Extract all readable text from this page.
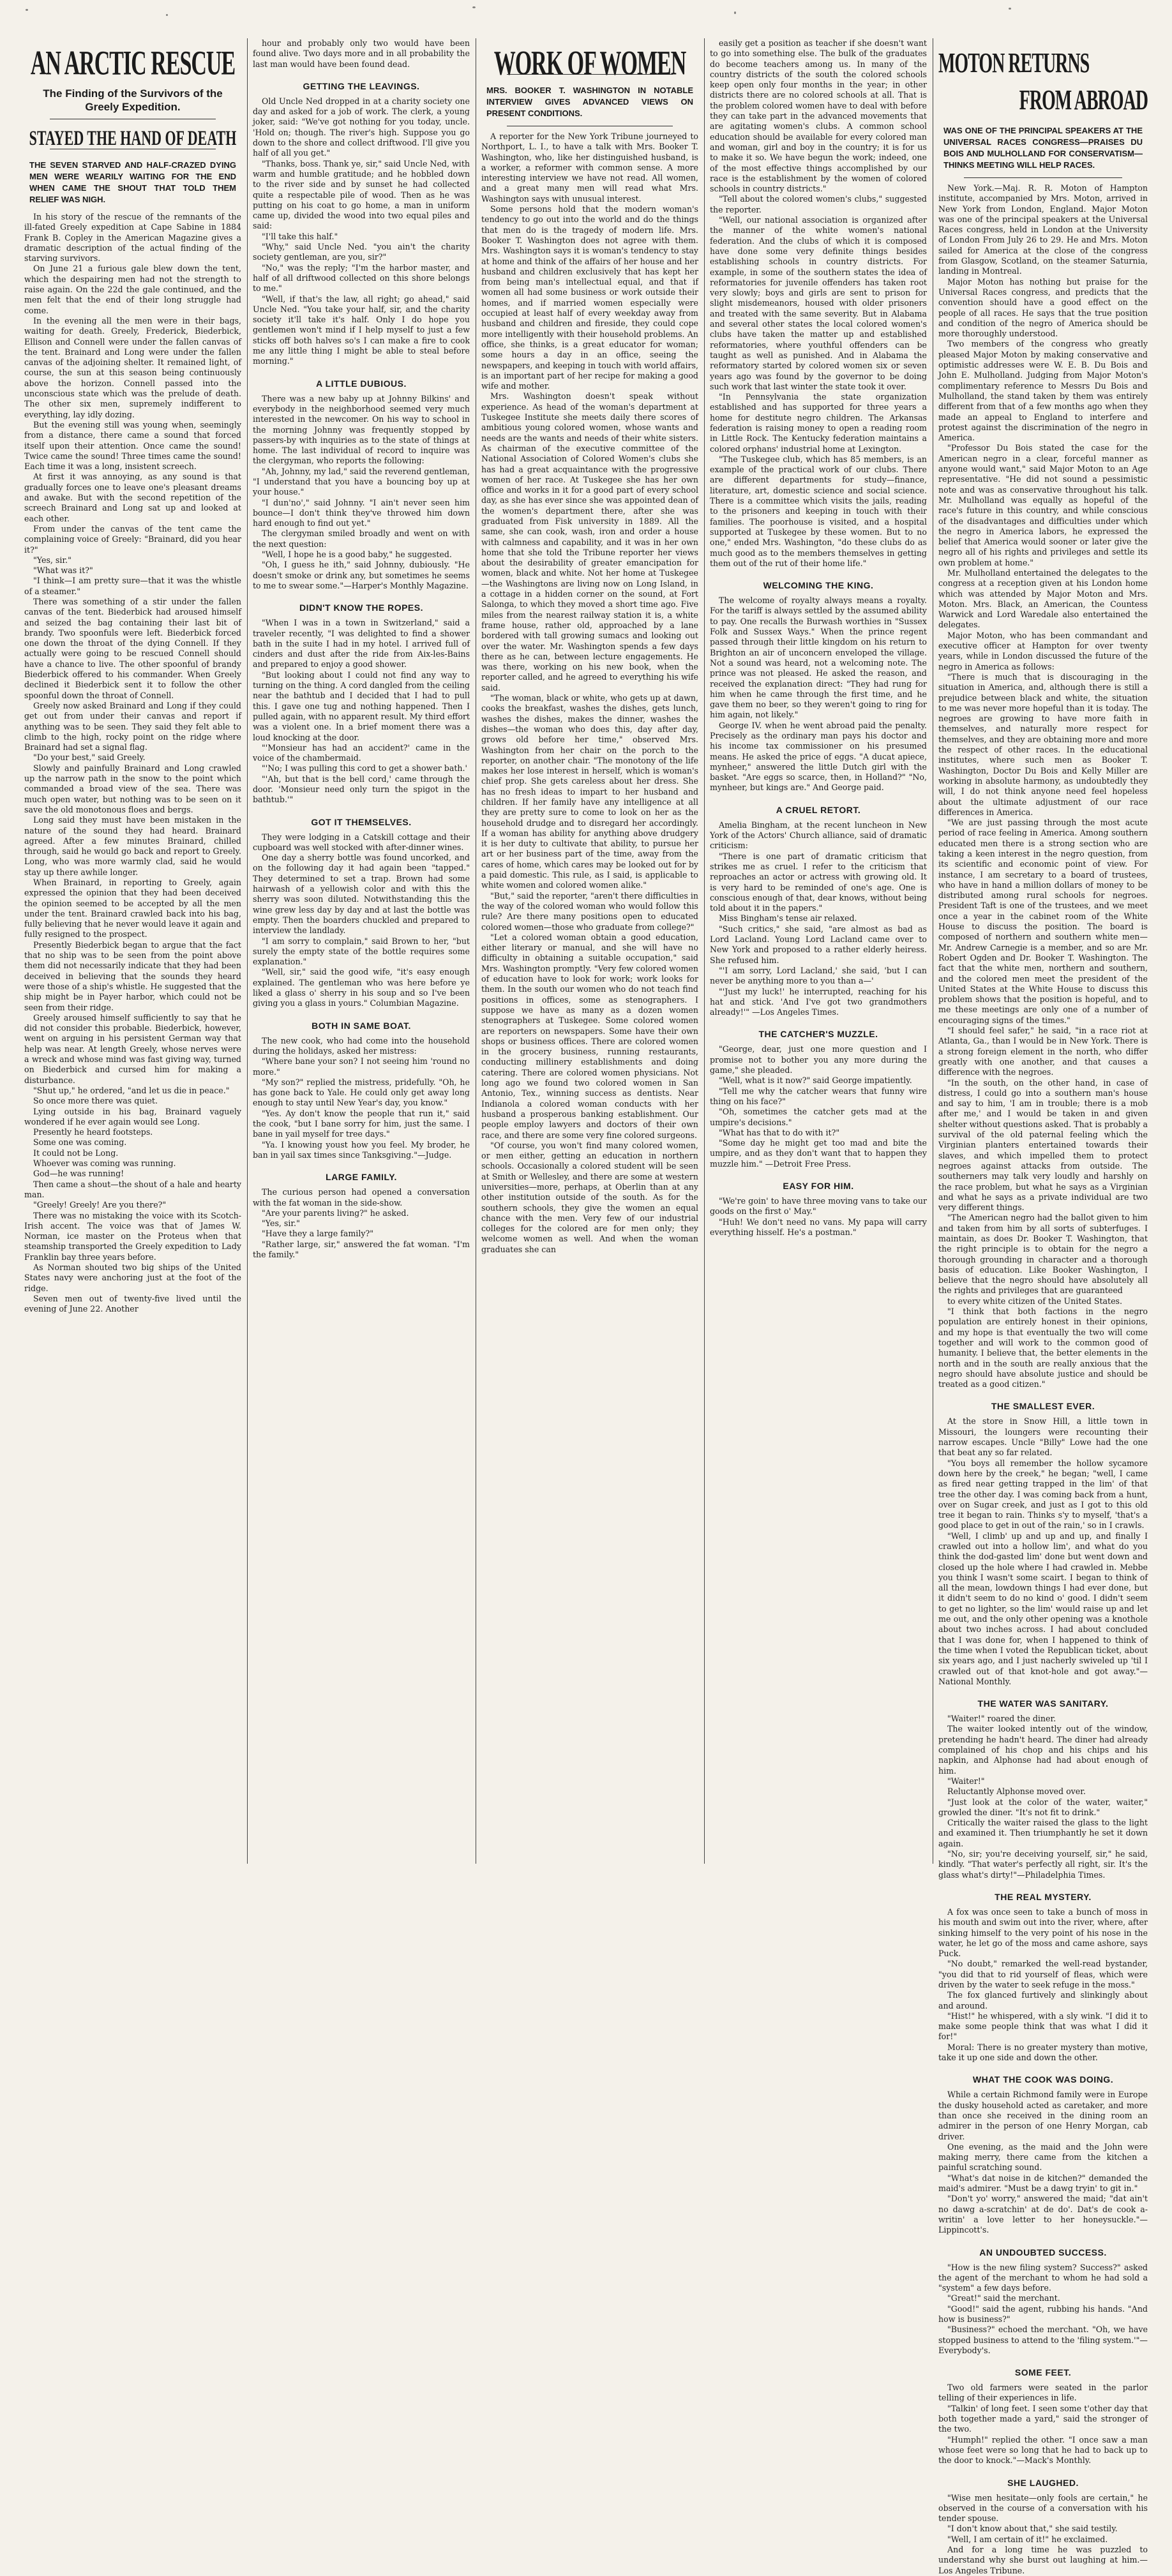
AN ARCTIC RESCUE
The Finding of the Survivors of the Greely Expedition.
STAYED THE HAND OF DEATH
THE SEVEN STARVED AND HALF-CRAZED DYING MEN WERE WEARILY WAITING FOR THE END WHEN CAME THE SHOUT THAT TOLD THEM RELIEF WAS NIGH.

In his story of the rescue of the remnants of the ill-fated Greely expedition at Cape Sabine in 1884 Frank B. Copley in the American Magazine gives a dramatic description of the actual finding of the starving survivors.

On June 21 a furious gale blew down the tent, which the despairing men had not the strength to raise again. On the 22d the gale continued, and the men felt that the end of their long struggle had come.

In the evening all the men were in their bags, waiting for death. Greely, Frederick, Biederbick, Ellison and Connell were under the fallen canvas of the tent. Brainard and Long were under the fallen canvas of the adjoining shelter. It remained light, of course, the sun at this season being continuously above the horizon. Connell passed into the unconscious state which was the prelude of death. The other six men, supremely indifferent to everything, lay idly dozing.

But the evening still was young when, seemingly from a distance, there came a sound that forced itself upon their attention. Once came the sound! Twice came the sound! Three times came the sound! Each time it was a long, insistent screech.

At first it was annoying, as any sound is that gradually forces one to leave one's pleasant dreams and awake. But with the second repetition of the screech Brainard and Long sat up and looked at each other.

From under the canvas of the tent came the complaining voice of Greely: "Brainard, did you hear it?"

"Yes, sir."

"What was it?"

"I think—I am pretty sure—that it was the whistle of a steamer."

There was something of a stir under the fallen canvas of the tent. Biederbick had aroused himself and seized the bag containing their last bit of brandy. Two spoonfuls were left. Biederbick forced one down the throat of the dying Connell. If they actually were going to be rescued Connell should have a chance to live. The other spoonful of brandy Biederbick offered to his commander. When Greely declined it Biederbick sent it to follow the other spoonful down the throat of Connell.

Greely now asked Brainard and Long if they could get out from under their canvas and report if anything was to be seen. They said they felt able to climb to the high, rocky point on the ridge where Brainard had set a signal flag.

"Do your best," said Greely.

Slowly and painfully Brainard and Long crawled up the narrow path in the snow to the point which commanded a broad view of the sea. There was much open water, but nothing was to be seen on it save the old monotonous floes and bergs.

Long said they must have been mistaken in the nature of the sound they had heard. Brainard agreed. After a few minutes Brainard, chilled through, said he would go back and report to Greely. Long, who was more warmly clad, said he would stay up there awhile longer.

When Brainard, in reporting to Greely, again expressed the opinion that they had been deceived the opinion seemed to be accepted by all the men under the tent. Brainard crawled back into his bag, fully believing that he never would leave it again and fully resigned to the prospect.

Presently Biederbick began to argue that the fact that no ship was to be seen from the point above them did not necessarily indicate that they had been deceived in believing that the sounds they heard were those of a ship's whistle. He suggested that the ship might be in Payer harbor, which could not be seen from their ridge.

Greely aroused himself sufficiently to say that he did not consider this probable. Biederbick, however, went on arguing in his persistent German way that help was near. At length Greely, whose nerves were a wreck and whose mind was fast giving way, turned on Biederbick and cursed him for making a disturbance.

"Shut up," he ordered, "and let us die in peace."

So once more there was quiet.

Lying outside in his bag, Brainard vaguely wondered if he ever again would see Long.

Presently he heard footsteps.

Some one was coming.

It could not be Long.

Whoever was coming was running.

God—he was running!

Then came a shout—the shout of a hale and hearty man.

"Greely! Greely! Are you there?"

There was no mistaking the voice with its Scotch-Irish accent. The voice was that of James W. Norman, ice master on the Proteus when that steamship transported the Greely expedition to Lady Franklin bay three years before.

As Norman shouted two big ships of the United States navy were anchoring just at the foot of the ridge.

Seven men out of twenty-five lived until the evening of June 22. Another

hour and probably only two would have been found alive. Two days more and in all probability the last man would have been found dead.

GETTING THE LEAVINGS.

Old Uncle Ned dropped in at a charity society one day and asked for a job of work. The clerk, a young joker, said: "We've got nothing for you today, uncle. 'Hold on; though. The river's high. Suppose you go down to the shore and collect driftwood. I'll give you half of all you get."

"Thanks, boss. Thank ye, sir," said Uncle Ned, with warm and humble gratitude; and he hobbled down to the river side and by sunset he had collected quite a respectable pile of wood. Then as he was putting on his coat to go home, a man in uniform came up, divided the wood into two equal piles and said:

"I'll take this half."

"Why," said Uncle Ned. "you ain't the charity society gentleman, are you, sir?"

"No," was the reply; "I'm the harbor master, and half of all driftwood collected on this shore belongs to me."

"Well, if that's the law, all right; go ahead," said Uncle Ned. "You take your half, sir, and the charity society it'll take it's half. Only I do hope you gentlemen won't mind if I help myself to just a few sticks off both halves so's I can make a fire to cook me any little thing I might be able to steal before morning."

A LITTLE DUBIOUS.

There was a new baby up at Johnny Bilkins' and everybody in the neighborhood seemed very much interested in the newcomer. On his way to school in the morning Johnny was frequently stopped by passers-by with inquiries as to the state of things at home. The last individual of record to inquire was the clergyman, who reports the following:

"Ah, Johnny, my lad," said the reverend gentleman, "I understand that you have a bouncing boy up at your house."

"I dun'no'," said Johnny. "I ain't never seen him bounce—I don't think they've throwed him down hard enough to find out yet."

The clergyman smiled broadly and went on with the next question:

"Well, I hope he is a good baby," he suggested.

"Oh, I guess he ith," said Johnny, dubiously. "He doesn't smoke or drink any, but sometimes he seems to me to swear some."—Harper's Monthly Magazine.

DIDN'T KNOW THE ROPES.

"When I was in a town in Switzerland," said a traveler recently, "I was delighted to find a shower bath in the suite I had in my hotel. I arrived full of cinders and dust after the ride from Aix-les-Bains and prepared to enjoy a good shower.

"But looking about I could not find any way to turning on the thing. A cord dangled from the ceiling near the bathtub and I decided that I had to pull this. I gave one tug and nothing happened. Then I pulled again, with no apparent result. My third effort was a violent one. In a brief moment there was a loud knocking at the door.

"'Monsieur has had an accident?' came in the voice of the chambermaid.

"'No; I was pulling this cord to get a shower bath.'

"'Ah, but that is the bell cord,' came through the door. 'Monsieur need only turn the spigot in the bathtub.'"

GOT IT THEMSELVES.

They were lodging in a Catskill cottage and their cupboard was well stocked with after-dinner wines.

One day a sherry bottle was found uncorked, and on the following day it had again been "tapped." They determined to set a trap. Brown had some hairwash of a yellowish color and with this the sherry was soon diluted. Notwithstanding this the wine grew less day by day and at last the bottle was empty. Then the boarders chuckled and prepared to interview the landlady.

"I am sorry to complain," said Brown to her, "but surely the empty state of the bottle requires some explanation."

"Well, sir," said the good wife, "it's easy enough explained. The gentleman who was here before ye liked a glass o' sherry in his soup and so I've been giving you a glass in yours." Columbian Magazine.

BOTH IN SAME BOAT.

The new cook, who had come into the household during the holidays, asked her mistress:

"Where bane your son? I not seeing him 'round no more."

"My son?" replied the mistress, pridefully. "Oh, he has gone back to Yale. He could only get away long enough to stay until New Year's day, you know."

"Yes. Ay don't know the people that run it," said the cook, "but I bane sorry for him, just the same. I bane in yail myself for tree days."

"Ya. I knowing youst how you feel. My broder, he ban in yail sax times since Tanksgiving."—Judge.

LARGE FAMILY.

The curious person had opened a conversation with the fat woman in the side-show.

"Are your parents living?" he asked.

"Yes, sir."

"Have they a large family?"

"Rather large, sir," answered the fat woman. "I'm the family."

WORK OF WOMEN
MRS. BOOKER T. WASHINGTON IN NOTABLE INTERVIEW GIVES ADVANCED VIEWS ON PRESENT CONDITIONS.

A reporter for the New York Tribune journeyed to Northport, L. I., to have a talk with Mrs. Booker T. Washington, who, like her distinguished husband, is a worker, a reformer with common sense. A more interesting interview we have not read. All women, and a great many men will read what Mrs. Washington says with unusual interest.

Some persons hold that the modern woman's tendency to go out into the world and do the things that men do is the tragedy of modern life. Mrs. Booker T. Washington does not agree with them. Mrs. Washington says it is woman's tendency to stay at home and think of the affairs of her house and her husband and children exclusively that has kept her from being man's intellectual equal, and that if women all had some business or work outside their homes, and if married women especially were occupied at least half of every weekday away from husband and children and fireside, they could cope more intelligently with their household problems. An office, she thinks, is a great educator for woman; some hours a day in an office, seeing the newspapers, and keeping in touch with world affairs, is an important part of her recipe for making a good wife and mother.

Mrs. Washington doesn't speak without experience. As head of the woman's department at Tuskegee Institute she meets daily there scores of ambitious young colored women, whose wants and needs are the wants and needs of their white sisters. As chairman of the executive committee of the National Association of Colored Women's clubs she has had a great acquaintance with the progressive women of her race. At Tuskegee she has her own office and works in it for a good part of every school day, as she has ever since she was appointed dean of the women's department there, after she was graduated from Fisk university in 1889. All the same, she can cook, wash, iron and order a house with calmness and capability, and it was in her own home that she told the Tribune reporter her views about the desirability of greater emancipation for women, black and white. Not her home at Tuskegee—the Washingtons are living now on Long Island, in a cottage in a hidden corner on the sound, at Fort Salonga, to which they moved a short time ago. Five miles from the nearest railway station it is, a white frame house, rather old, approached by a lane bordered with tall growing sumacs and looking out over the water. Mr. Washington spends a few days there as he can, between lecture engagements. He was there, working on his new book, when the reporter called, and he agreed to everything his wife said.

"The woman, black or white, who gets up at dawn, cooks the breakfast, washes the dishes, gets lunch, washes the dishes, makes the dinner, washes the dishes—the woman who does this, day after day, grows old before her time," observed Mrs. Washington from her chair on the porch to the reporter, on another chair. "The monotony of the life makes her lose interest in herself, which is woman's chief prop. She gets careless about her dress. She has no fresh ideas to impart to her husband and children. If her family have any intelligence at all they are pretty sure to come to look on her as the household drudge and to disregard her accordingly. If a woman has ability for anything above drudgery it is her duty to cultivate that ability, to pursue her art or her business part of the time, away from the cares of home, which cares may be looked out for by a paid domestic. This rule, as I said, is applicable to white women and colored women alike."

"But," said the reporter, "aren't there difficulties in the way of the colored woman who would follow this rule? Are there many positions open to educated colored women—those who graduate from college?"

"Let a colored woman obtain a good education, either literary or manual, and she will have no difficulty in obtaining a suitable occupation," said Mrs. Washington promptly. "Very few colored women of education have to look for work; work looks for them. In the south our women who do not teach find positions in offices, some as stenographers. I suppose we have as many as a dozen women stenographers at Tuskegee. Some colored women are reporters on newspapers. Some have their own shops or business offices. There are colored women in the grocery business, running restaurants, conducting millinery establishments and doing catering. There are colored women physicians. Not long ago we found two colored women in San Antonio, Tex., winning success as dentists. Near Indianola a colored woman conducts with her husband a prosperous banking establishment. Our people employ lawyers and doctors of their own race, and there are some very fine colored surgeons.

"Of course, you won't find many colored women, or men either, getting an education in northern schools. Occasionally a colored student will be seen at Smith or Wellesley, and there are some at western universities—more, perhaps, at Oberlin than at any other institution outside of the south. As for the southern schools, they give the women an equal chance with the men. Very few of our industrial colleges for the colored are for men only; they welcome women as well. And when the woman graduates she can

easily get a position as teacher if she doesn't want to go into something else. The bulk of the graduates do become teachers among us. In many of the country districts of the south the colored schools keep open only four months in the year; in other districts there are no colored schools at all. That is the problem colored women have to deal with before they can take part in the advanced movements that are agitating women's clubs. A common school education should be available for every colored man and woman, girl and boy in the country; it is for us to make it so. We have begun the work; indeed, one of the most effective things accomplished by our race is the establishment by the women of colored schools in country districts."

"Tell about the colored women's clubs," suggested the reporter.

"Well, our national association is organized after the manner of the white women's national federation. And the clubs of which it is composed have done some very definite things besides establishing schools in country districts. For example, in some of the southern states the idea of reformatories for juvenile offenders has taken root very slowly; boys and girls are sent to prison for slight misdemeanors, housed with older prisoners and treated with the same severity. But in Alabama and several other states the local colored women's clubs have taken the matter up and established reformatories, where youthful offenders can be taught as well as punished. And in Alabama the reformatory started by colored women six or seven years ago was found by the governor to be doing such work that last winter the state took it over.

"In Pennsylvania the state organization established and has supported for three years a home for destitute negro children. The Arkansas federation is raising money to open a reading room in Little Rock. The Kentucky federation maintains a colored orphans' industrial home at Lexington.

"The Tuskegee club, which has 85 members, is an example of the practical work of our clubs. There are different departments for study—finance, literature, art, domestic science and social science. There is a committee which visits the jails, reading to the prisoners and keeping in touch with their families. The poorhouse is visited, and a hospital supported at Tuskegee by these women. But to no one," ended Mrs. Washington, "do these clubs do as much good as to the members themselves in getting them out of the rut of their home life."

WELCOMING THE KING.

The welcome of royalty always means a royalty. For the tariff is always settled by the assumed ability to pay. One recalls the Burwash worthies in "Sussex Folk and Sussex Ways." When the prince regent passed through their little kingdom on his return to Brighton an air of unconcern enveloped the village. Not a sound was heard, not a welcoming note. The prince was not pleased. He asked the reason, and received the explanation direct: "They had rung for him when he came through the first time, and he gave them no beer, so they weren't going to ring for him again, not likely."

George IV. when he went abroad paid the penalty. Precisely as the ordinary man pays his doctor and his income tax commissioner on his presumed means. He asked the price of eggs. "A ducat apiece, mynheer," answered the little Dutch girl with the basket. "Are eggs so scarce, then, in Holland?" "No, mynheer, but kings are." And George paid.

A CRUEL RETORT.

Amelia Bingham, at the recent luncheon in New York of the Actors' Church alliance, said of dramatic criticism:

"There is one part of dramatic criticism that strikes me as cruel. I refer to the criticism that reproaches an actor or actress with growing old. It is very hard to be reminded of one's age. One is conscious enough of that, dear knows, without being told about it in the papers."

Miss Bingham's tense air relaxed.

"Such critics," she said, "are almost as bad as Lord Lacland. Young Lord Lacland came over to New York and proposed to a rather elderly heiress. She refused him.

"'I am sorry, Lord Lacland,' she said, 'but I can never be anything more to you than a—'

"'Just my luck!' he interrupted, reaching for his hat and stick. 'And I've got two grandmothers already!'" —Los Angeles Times.

THE CATCHER'S MUZZLE.

"George, dear, just one more question and I promise not to bother you any more during the game," she pleaded.

"Well, what is it now?" said George impatiently.

"Tell me why the catcher wears that funny wire thing on his face?"

"Oh, sometimes the catcher gets mad at the umpire's decisions."

"What has that to do with it?"

"Some day he might get too mad and bite the umpire, and as they don't want that to happen they muzzle him." —Detroit Free Press.

EASY FOR HIM.

"We're goin' to have three moving vans to take our goods on the first o' May."

"Huh! We don't need no vans. My papa will carry everything hisself. He's a postman."

MOTON RETURNS
FROM ABROAD
WAS ONE OF THE PRINCIPAL SPEAKERS AT THE UNIVERSAL RACES CONGRESS—PRAISES DU BOIS AND MULHOLLAND FOR CONSERVATISM—THINKS MEETING WILL HELP RACES.

New York.—Maj. R. R. Moton of Hampton institute, accompanied by Mrs. Moton, arrived in New York from London, England. Major Moton was one of the principal speakers at the Universal Races congress, held in London at the University of London From July 26 to 29. He and Mrs. Moton sailed for America at the close of the congress from Glasgow, Scotland, on the steamer Saturnia, landing in Montreal.

Major Moton has nothing but praise for the Universal Races congress, and predicts that the convention should have a good effect on the people of all races. He says that the true position and condition of the negro of America should be more thoroughly understood.

Two members of the congress who greatly pleased Major Moton by making conservative and optimistic addresses were W. E. B. Du Bois and John E. Mulholland. Judging from Major Moton's complimentary reference to Messrs Du Bois and Mulholland, the stand taken by them was entirely different from that of a few months ago when they made an appeal to England to interfere and protest against the discrimination of the negro in America.

"Professor Du Bois stated the case for the American negro in a clear, forceful manner as anyone would want," said Major Moton to an Age representative. "He did not sound a pessimistic note and was as conservative throughout his talk. Mr. Mulholland was equally as hopeful of the race's future in this country, and while conscious of the disadvantages and difficulties under which the negro in America labors, he expressed the belief that America would sooner or later give the negro all of his rights and privileges and settle its own problem at home."

Mr. Mulholland entertained the delegates to the congress at a reception given at his London home which was attended by Major Moton and Mrs. Moton. Mrs. Black, an American, the Countess Warwick and Lord Waredale also entertained the delegates.

Major Moton, who has been commandant and executive officer at Hampton for over twenty years, while in London discussed the future of the negro in America as follows:

"There is much that is discouraging in the situation in America, and, although there is still a prejudice between black and white, the situation to me was never more hopeful than it is today. The negroes are growing to have more faith in themselves, and naturally more respect for themselves, and they are obtaining more and more the respect of other races. In the educational institutes, where such men as Booker T. Washington, Doctor Du Bois and Kelly Miller are working in absolute harmony, as undoubtedly they will, I do not think anyone need feel hopeless about the ultimate adjustment of our race differences in America.

"We are just passing through the most acute period of race feeling in America. Among southern educated men there is a strong section who are taking a keen interest in the negro question, from its scientific and economic point of view. For instance, I am secretary to a board of trustees, who have in hand a million dollars of money to be distributed among rural schools for negroes. President Taft is one of the trustees, and we meet once a year in the cabinet room of the White House to discuss the position. The board is composed of northern and southern white men—Mr. Andrew Carnegie is a member, and so are Mr. Robert Ogden and Dr. Booker T. Washington. The fact that the white men, northern and southern, and the colored men meet the president of the United States at the White House to discuss this problem shows that the position is hopeful, and to me these meetings are only one of a number of encouraging signs of the times."

"I should feel safer," he said, "in a race riot at Atlanta, Ga., than I would be in New York. There is a strong foreign element in the north, who differ greatly with one another, and that causes a difference with the negroes.

"In the south, on the other hand, in case of distress, I could go into a southern man's house and say to him, 'I am in trouble; there is a mob after me,' and I would be taken in and given shelter without questions asked. That is probably a survival of the old paternal feeling which the Virginian planters entertained towards their slaves, and which impelled them to protect negroes against attacks from outside. The southerners may talk very loudly and harshly on the race problem, but what he says as a Virginian and what he says as a private individual are two very different things.

"The American negro had the ballot given to him and taken from him by all sorts of subterfuges. I maintain, as does Dr. Booker T. Washington, that the right principle is to obtain for the negro a thorough grounding in character and a thorough basis of education. Like Booker Washington, I believe that the negro should have absolutely all the rights and privileges that are guaranteed

to every white citizen of the United States.

"I think that both factions in the negro population are entirely honest in their opinions, and my hope is that eventually the two will come together and will work to the common good of humanity. I believe that, the better elements in the north and in the south are really anxious that the negro should have absolute justice and should be treated as a good citizen."

THE SMALLEST EVER.

At the store in Snow Hill, a little town in Missouri, the loungers were recounting their narrow escapes. Uncle "Billy" Lowe had the one that beat any so far related.

"You boys all remember the hollow sycamore down here by the creek," he began; "well, I came as fired near getting trapped in the lim' of that tree the other day. I was coming back from a hunt, over on Sugar creek, and just as I got to this old tree it began to rain. Thinks s'y to myself, 'that's a good place to get in out of the rain,' so in I crawls.

"Well, I climb' up and up and up, and finally I crawled out into a hollow lim', and what do you think the dod-gasted lim' done but went down and closed up the hole where I had crawled in. Mebbe you think I wasn't some scairt. I began to think of all the mean, lowdown things I had ever done, but it didn't seem to do no kind o' good. I didn't seem to get no lighter, so the lim' would raise up and let me out, and the only other opening was a knothole about two inches across. I had about concluded that I was done for, when I happened to think of the time when I voted the Republican ticket, about six years ago, and I just nacherly swiveled up 'til I crawled out of that knot-hole and got away."—National Monthly.

THE WATER WAS SANITARY.

"Waiter!" roared the diner.

The waiter looked intently out of the window, pretending he hadn't heard. The diner had already complained of his chop and his chips and his napkin, and Alphonse had had about enough of him.

"Waiter!"

Reluctantly Alphonse moved over.

"Just look at the color of the water, waiter," growled the diner. "It's not fit to drink."

Critically the waiter raised the glass to the light and examined it. Then triumphantly he set it down again.

"No, sir; you're deceiving yourself, sir," he said, kindly. "That water's perfectly all right, sir. It's the glass what's dirty!"—Philadelphia Times.

THE REAL MYSTERY.

A fox was once seen to take a bunch of moss in his mouth and swim out into the river, where, after sinking himself to the very point of his nose in the water, he let go of the moss and came ashore, says Puck.

"No doubt," remarked the well-read bystander, "you did that to rid yourself of fleas, which were driven by the water to seek refuge in the moss."

The fox glanced furtively and slinkingly about and around.

"Hist!" he whispered, with a sly wink. "I did it to make some people think that was what I did it for!"

Moral: There is no greater mystery than motive, take it up one side and down the other.

WHAT THE COOK WAS DOING.

While a certain Richmond family were in Europe the dusky household acted as caretaker, and more than once she received in the dining room an admirer in the person of one Henry Morgan, cab driver.

One evening, as the maid and the John were making merry, there came from the kitchen a painful scratching sound.

"What's dat noise in de kitchen?" demanded the maid's admirer. "Must be a dawg tryin' to git in."

"Don't yo' worry," answered the maid; "dat ain't no dawg a-scratchin' at de do'. Dat's de cook a-writin' a love letter to her honeysuckle."—Lippincott's.

AN UNDOUBTED SUCCESS.

"How is the new filing system? Success?" asked the agent of the merchant to whom he had sold a "system" a few days before.

"Great!" said the merchant.

"Good!" said the agent, rubbing his hands. "And how is business?"

"Business?" echoed the merchant. "Oh, we have stopped business to attend to the 'filing system.'"—Everybody's.

SOME FEET.

Two old farmers were seated in the parlor telling of their experiences in life.

"Talkin' of long feet. I seen some t'other day that both together made a yard," said the stronger of the two.

"Humph!" replied the other. "I once saw a man whose feet were so long that he had to back up to the door to knock."—Mack's Monthly.

SHE LAUGHED.

"Wise men hesitate—only fools are certain," he observed in the course of a conversation with his tender spouse.

"I don't know about that," she said testily.

"Well, I am certain of it!" he exclaimed.

And for a long time he was puzzled to understand why she burst out laughing at him.—Los Angeles Tribune.
